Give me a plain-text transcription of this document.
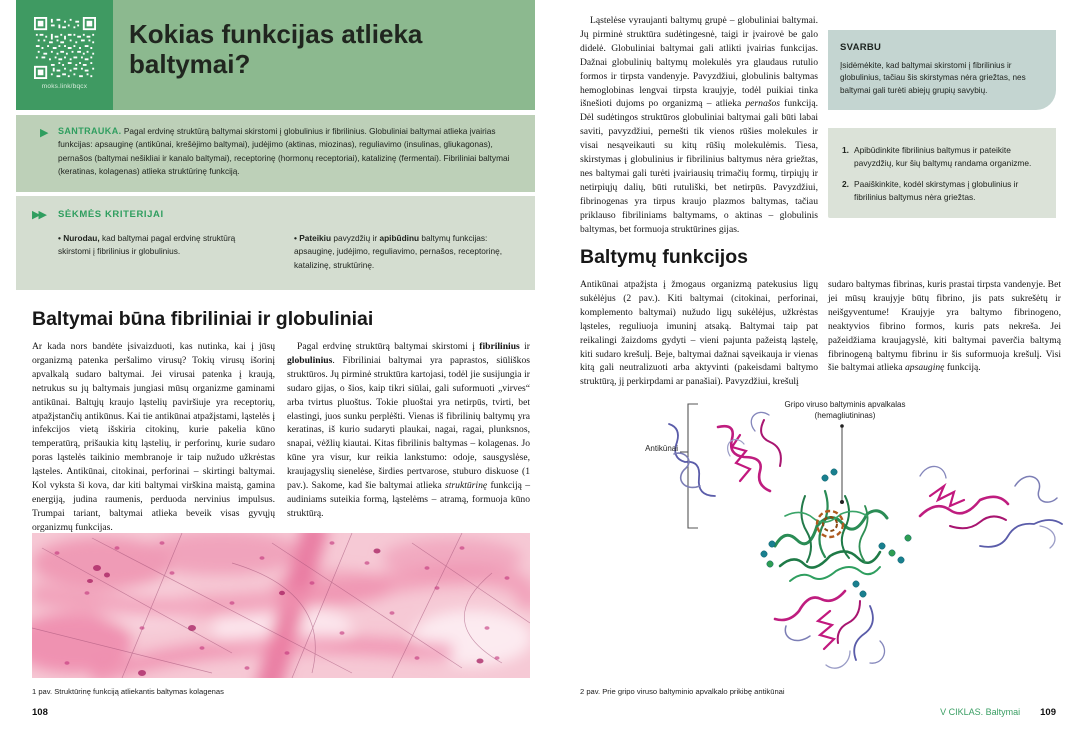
moks.link/bqcx
Kokias funkcijas atlieka baltymai?
▶ SANTRAUKA. Pagal erdvinę struktūrą baltymai skirstomi į globulinius ir fibrilinius. Globuliniai baltymai atlieka įvairias funkcijas: apsauginę (antikūnai, krešėjimo baltymai), judėjimo (aktinas, miozinas), reguliavimo (insulinas, gliukagonas), pernašos (baltymai nešikliai ir kanalo baltymai), receptorinę (hormonų receptoriai), katalizinę (fermentai). Fibriliniai baltymai (keratinas, kolagenas) atlieka struktūrinę funkciją.

▶▶ SĖKMĖS KRITERIJAI
• Nurodau, kad baltymai pagal erdvinę struktūrą skirstomi į fibrilinius ir globulinius.
• Pateikiu pavyzdžių ir apibūdinu baltymų funkcijas: apsauginę, judėjimo, reguliavimo, pernašos, receptorinę, katalizinę, struktūrinę.
Baltymai būna fibriliniai ir globuliniai

Ar kada nors bandėte įsivaizduoti, kas nutinka, kai į jūsų organizmą patenka peršalimo virusų? Tokių virusų išorinį apvalkalą sudaro baltymai. Jei virusai patenka į kraują, netrukus su jų baltymais jungiasi mūsų organizme gaminami antikūnai. Baltųjų kraujo ląstelių paviršiuje yra receptorių, atpažįstančių antikūnus. Kai tie antikūnai atpažįstami, ląstelės į infekcijos vietą išskiria citokinų, kurie pakelia kūno temperatūrą, prišaukia kitų ląstelių, ir perforinų, kurie sudaro poras ląstelės taikinio membranoje ir taip nužudo užkrėstas ląsteles. Antikūnai, citokinai, perforinai – skirtingi baltymai. Kol vyksta ši kova, dar kiti baltymai virškina maistą, gamina energiją, judina raumenis, perduoda nervinius impulsus. Trumpai tariant, baltymai atlieka beveik visas gyvųjų organizmų funkcijas.

Pagal erdvinę struktūrą baltymai skirstomi į fibrilinius ir globulinius. Fibriliniai baltymai yra paprastos, siūliškos struktūros. Jų pirminė struktūra kartojasi, todėl jie susijungia ir sudaro gijas, o šios, kaip tikri siūlai, gali suformuoti „virves“ arba tvirtus pluoštus. Tokie pluoštai yra netirpūs, tvirti, bet elastingi, juos sunku perplėšti. Vienas iš fibrilinių baltymų yra keratinas, iš kurio sudaryti plaukai, nagai, ragai, plunksnos, snapai, vėžlių kiautai. Kitas fibrilinis baltymas – kolagenas. Jo kūne yra visur, kur reikia lankstumo: odoje, sausgyslėse, kraujagyslių sienelėse, širdies pertvarose, stuburo diskuose (1 pav.). Sakome, kad šie baltymai atlieka struktūrinę funkciją – audiniams suteikia formą, ląstelėms – atramą, formuoja kūno struktūrą.

1 pav. Struktūrinę funkciją atliekantis baltymas kolagenas
108

Ląstelėse vyraujanti baltymų grupė – globuliniai baltymai. Jų pirminė struktūra sudėtingesnė, taigi ir įvairovė be galo didelė. Globuliniai baltymai gali atlikti įvairias funkcijas. Dažnai globulinių baltymų molekulės yra glaudaus rutulio formos ir tirpsta vandenyje. Pavyzdžiui, globulinis baltymas hemoglobinas lengvai tirpsta kraujyje, todėl puikiai tinka išnešioti dujoms po organizmą – atlieka pernašos funkciją. Dėl sudėtingos struktūros globuliniai baltymai gali būti labai saviti, pavyzdžiui, pernešti tik vienos rūšies molekules ir visai nesąveikauti su kitų rūšių molekulėmis. Tiesa, skirstymas į globulinius ir fibrilinius baltymus nėra griežtas, nes baltymai gali turėti įvairiausių trimačių formų, tirpiųjų ir netirpiųjų dalių, būti rutuliški, bet netirpūs. Pavyzdžiui, fibrinogenas yra tirpus kraujo plazmos baltymas, tačiau priklauso fibriliniams baltymams, o aktinas – globulinis baltymas, bet formuoja struktūrines gijas.

SVARBU

Įsidėmėkite, kad baltymai skirstomi į fibrilinius ir globulinius, tačiau šis skirstymas nėra griežtas, nes baltymai gali turėti abiejų grupių savybių.

1. Apibūdinkite fibrilinius baltymus ir pateikite pavyzdžių, kur šių baltymų randama organizme.
2. Paaiškinkite, kodėl skirstymas į globulinius ir fibrilinius baltymus nėra griežtas.
Baltymų funkcijos

Antikūnai atpažįsta į žmogaus organizmą patekusius ligų sukėlėjus (2 pav.). Kiti baltymai (citokinai, perforinai, komplemento baltymai) nužudo ligų sukėlėjus, užkrėstas ląsteles, reguliuoja imuninį atsaką. Baltymai taip pat reikalingi žaizdoms gydyti – vieni pajunta pažeistą ląstelę, kiti sudaro krešulį. Beje, baltymai dažnai sąveikauja ir vienas kitą gali neutralizuoti arba aktyvinti (pakeisdami baltymo struktūrą, jį perkirpdami ar panašiai). Pavyzdžiui, krešulį

sudaro baltymas fibrinas, kuris prastai tirpsta vandenyje. Bet jei mūsų kraujyje būtų fibrino, jis pats sukrešėtų ir neišgyventume! Kraujyje yra baltymo fibrinogeno, neaktyvios fibrino formos, kuris pats nekreša. Jei pažeidžiama kraujagyslė, kiti baltymai paverčia baltymą fibrinogeną baltymu fibrinu ir šis suformuoja krešulį. Visi šie baltymai atlieka apsauginę funkciją.

Gripo viruso baltyminis apvalkalas (hemagliutininas)
Antikūnai
2 pav. Prie gripo viruso baltyminio apvalkalo prikibę antikūnai
V CIKLAS. Baltymai 109
